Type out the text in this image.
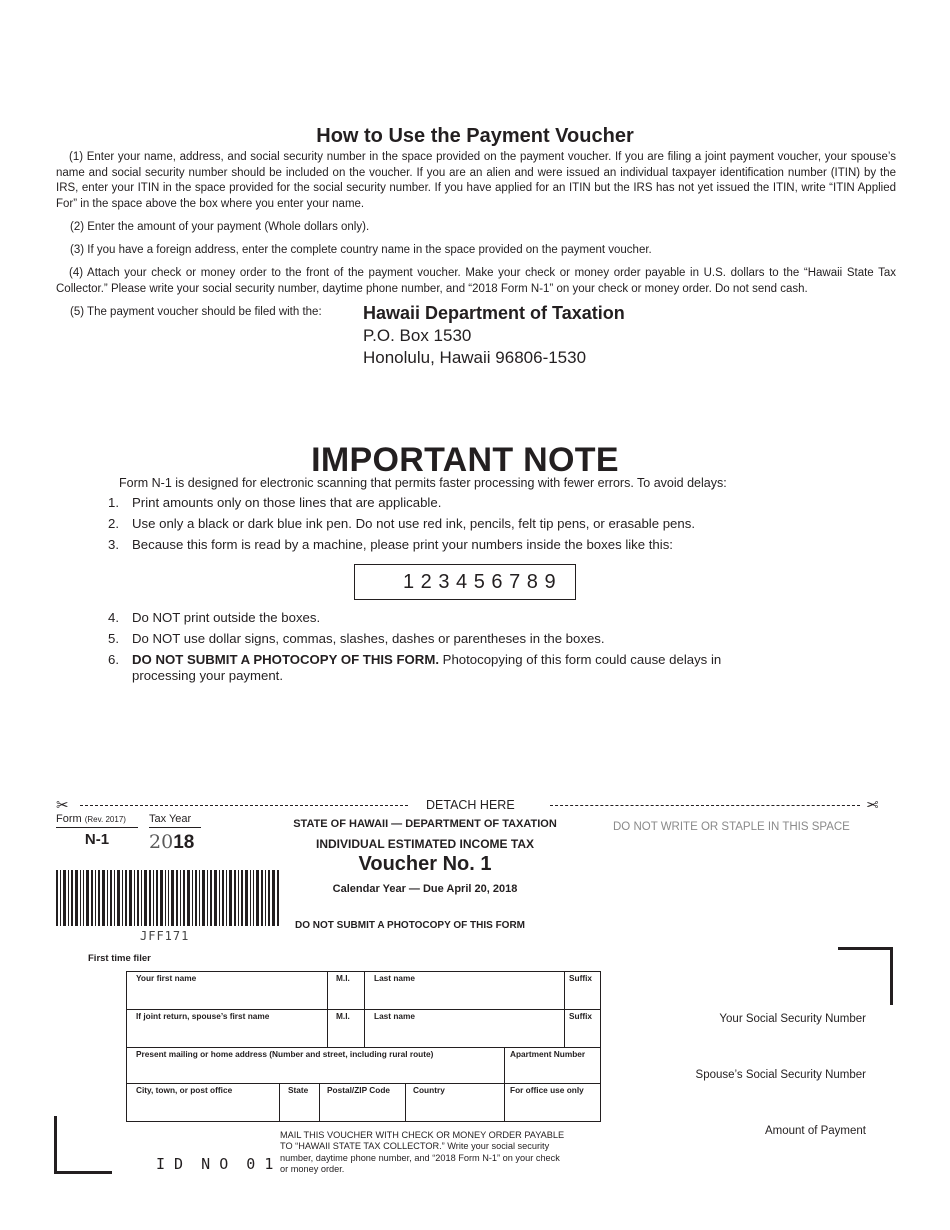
How to Use the Payment Voucher
(1) Enter your name, address, and social security number in the space provided on the payment voucher. If you are filing a joint payment voucher, your spouse’s name and social security number should be included on the voucher. If you are an alien and were issued an individual taxpayer identification number (ITIN) by the IRS, enter your ITIN in the space provided for the social security number. If you have applied for an ITIN but the IRS has not yet issued the ITIN, write “ITIN Applied For” in the space above the box where you enter your name.
(2) Enter the amount of your payment (Whole dollars only).
(3) If you have a foreign address, enter the complete country name in the space provided on the payment voucher.
(4) Attach your check or money order to the front of the payment voucher. Make your check or money order payable in U.S. dollars to the “Hawaii State Tax Collector.” Please write your social security number, daytime phone number, and “2018 Form N-1” on your check or money order. Do not send cash.
(5) The payment voucher should be filed with the:	Hawaii Department of Taxation
P.O. Box 1530
Honolulu, Hawaii 96806-1530
IMPORTANT NOTE
Form N-1 is designed for electronic scanning that permits faster processing with fewer errors. To avoid delays:
1. Print amounts only on those lines that are applicable.
2. Use only a black or dark blue ink pen. Do not use red ink, pencils, felt tip pens, or erasable pens.
3. Because this form is read by a machine, please print your numbers inside the boxes like this:
1 2 3 4 5 6 7 8 9
4. Do NOT print outside the boxes.
5. Do NOT use dollar signs, commas, slashes, dashes or parentheses in the boxes.
6. DO NOT SUBMIT A PHOTOCOPY OF THIS FORM. Photocopying of this form could cause delays in
processing your payment.
✂	✂
DETACH HERE
Form (Rev. 2017)
N-1
Tax Year
2018
JFF171
STATE OF HAWAII — DEPARTMENT OF TAXATION
INDIVIDUAL ESTIMATED INCOME TAX
Voucher No. 1
Calendar Year — Due April 20, 2018
DO NOT SUBMIT A PHOTOCOPY OF THIS FORM
DO NOT WRITE OR STAPLE IN THIS SPACE
First time filer
Your first name	M.I.	Last name	Suffix
If joint return, spouse’s first name	M.I.	Last name	Suffix
Present mailing or home address (Number and street, including rural route)	Apartment Number
City, town, or post office	State	Postal/ZIP Code	Country	For office use only
Your Social Security Number
Spouse’s Social Security Number
Amount of Payment
MAIL THIS VOUCHER WITH CHECK OR MONEY ORDER PAYABLE TO “HAWAII STATE TAX COLLECTOR.” Write your social security number, daytime phone number, and “2018 Form N-1” on your check or money order.
I D  N O  0 1
